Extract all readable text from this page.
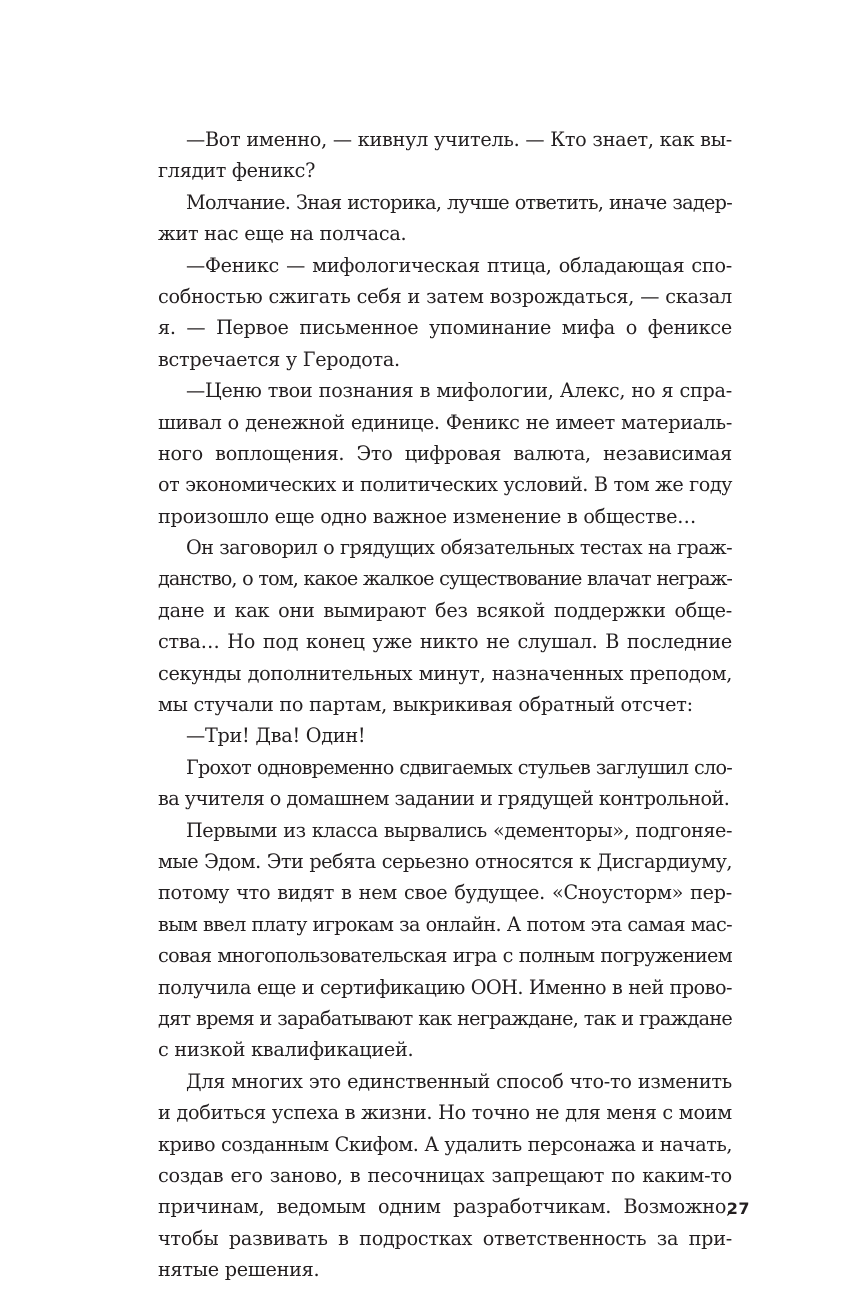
—Вот именно, — кивнул учитель. — Кто знает, как вы-
глядит феникс?
Молчание. Зная историка, лучше ответить, иначе задер-
жит нас еще на полчаса.
—Феникс — мифологическая птица, обладающая спо-
собностью сжигать себя и затем возрождаться, — сказал
я. — Первое письменное упоминание мифа о фениксе
встречается у Геродота.
—Ценю твои познания в мифологии, Алекс, но я спра-
шивал о денежной единице. Феникс не имеет материаль-
ного воплощения. Это цифровая валюта, независимая
от экономических и политических условий. В том же году
произошло еще одно важное изменение в обществе…
Он заговорил о грядущих обязательных тестах на граж-
данство, о том, какое жалкое существование влачат неграж-
дане и как они вымирают без всякой поддержки общe-
ства… Но под конец уже никто не слушал. В последние
секунды дополнительных минут, назначенных преподом,
мы стучали по партам, выкрикивая обратный отсчет:
—Три! Два! Один!
Грохот одновременно сдвигаемых стульев заглушил сло-
ва учителя о домашнем задании и грядущей контрольной.
Первыми из класса вырвались «дементоры», подгоняе-
мые Эдом. Эти ребята серьезно относятся к Дисгардиуму,
потому что видят в нем свое будущее. «Сноусторм» пер-
вым ввел плату игрокам за онлайн. А потом эта самая мас-
совая многопользовательская игра с полным погружением
получила еще и сертификацию ООН. Именно в ней прово-
дят время и зарабатывают как неграждане, так и граждане
с низкой квалификацией.
Для многих это единственный способ что-то изменить
и добиться успеха в жизни. Но точно не для меня с моим
криво созданным Скифом. А удалить персонажа и начать,
создав его заново, в песочницах запрещают по каким-то
причинам, ведомым одним разработчикам. Возможно,
чтобы развивать в подростках ответственность за при-
нятые решения.
27
